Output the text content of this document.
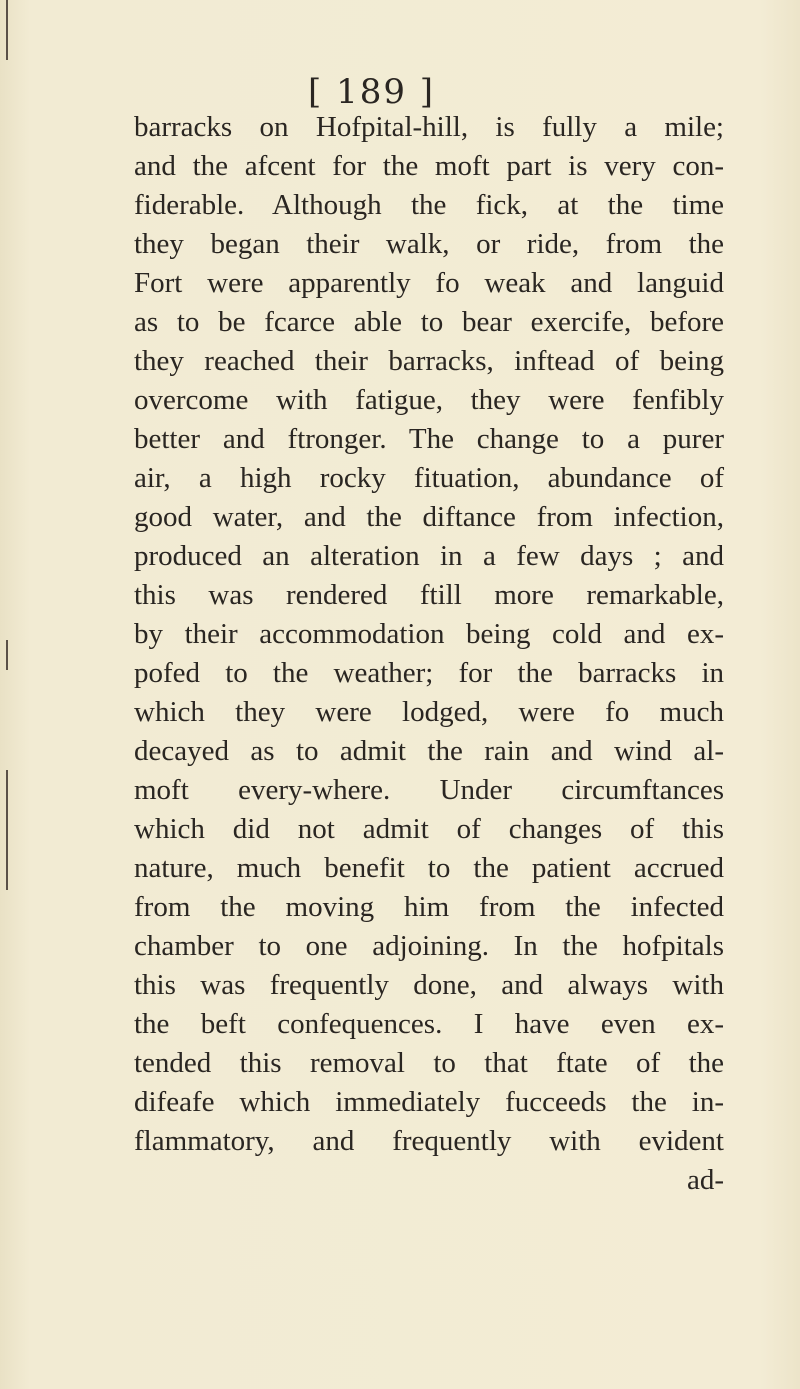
[ 189 ]
barracks on Hofpital-hill, is fully a mile;
and the afcent for the moft part is very con-
fiderable. Although the fick, at the time
they began their walk, or ride, from the
Fort were apparently fo weak and languid
as to be fcarce able to bear exercife, before
they reached their barracks, inftead of being
overcome with fatigue, they were fenfibly
better and ftronger. The change to a purer
air, a high rocky fituation, abundance of
good water, and the diftance from infection,
produced an alteration in a few days ; and
this was rendered ftill more remarkable,
by their accommodation being cold and ex-
pofed to the weather; for the barracks in
which they were lodged, were fo much
decayed as to admit the rain and wind al-
moft every-where. Under circumftances
which did not admit of changes of this
nature, much benefit to the patient accrued
from the moving him from the infected
chamber to one adjoining. In the hofpitals
this was frequently done, and always with
the beft confequences. I have even ex-
tended this removal to that ftate of the
difeafe which immediately fucceeds the in-
flammatory, and frequently with evident
ad-
